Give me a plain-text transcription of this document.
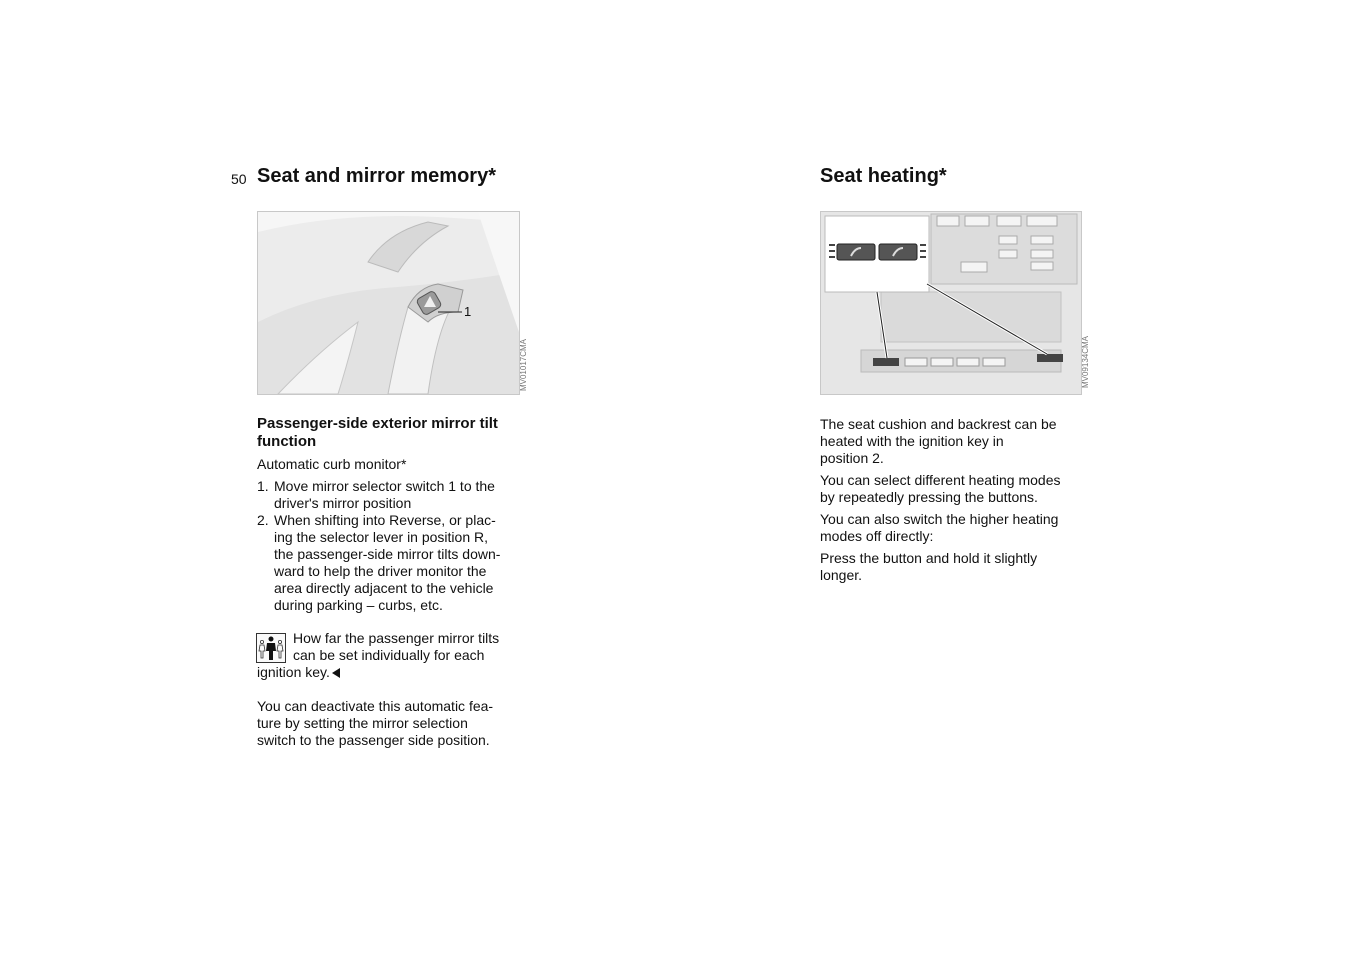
50 Seat and mirror memory*
1
MV01017CMA
Passenger-side exterior mirror tilt function

Automatic curb monitor*

1. Move mirror selector switch 1 to the
driver's mirror position
2. When shifting into Reverse, or plac-
ing the selector lever in position R,
the passenger-side mirror tilts down-
ward to help the driver monitor the
area directly adjacent to the vehicle
during parking – curbs, etc.

How far the passenger mirror tilts

can be set individually for each

ignition key.

You can deactivate this automatic fea-

ture by setting the mirror selection

switch to the passenger side position.

Seat heating*
MV09134CMA

The seat cushion and backrest can be

heated with the ignition key in

position 2.

You can select different heating modes

by repeatedly pressing the buttons.

You can also switch the higher heating

modes off directly:

Press the button and hold it slightly

longer.
